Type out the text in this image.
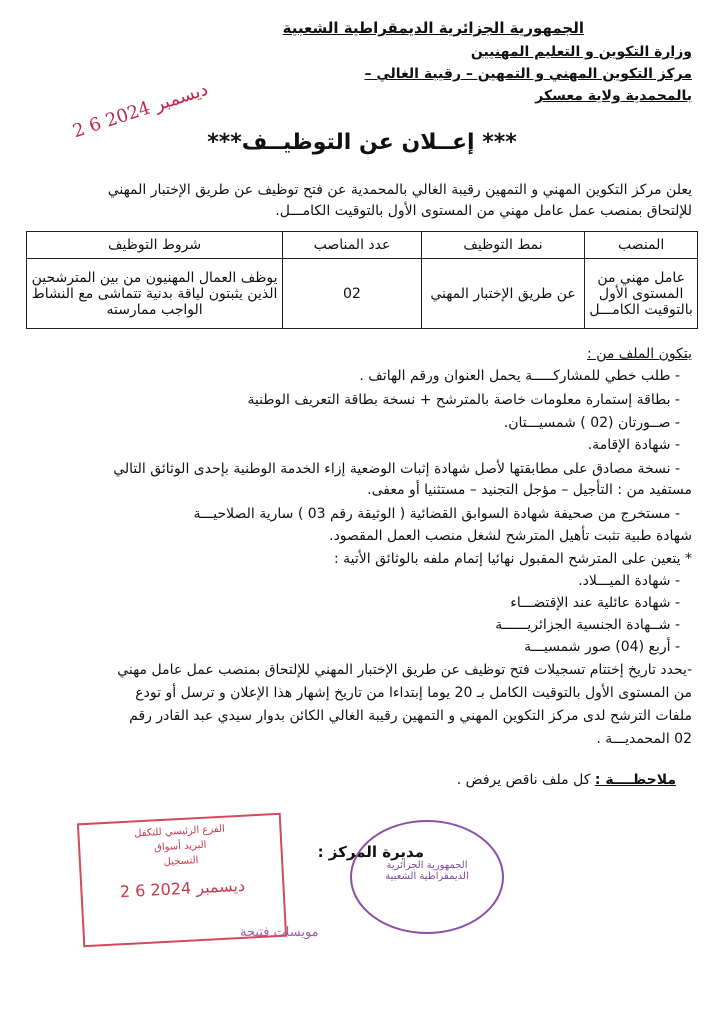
الجمهورية الجزائرية الديمقراطية الشعبية
وزارة التكوين و التعليم المهنيين
مركز التكوين المهني و التمهين – رقيبة الغالي –
بالمحمدية ولاية معسكر
2 6 ديسمبر 2024
*** إعــلان عن التوظيــف***
يعلن مركز التكوين المهني و التمهين رقيبة الغالي بالمحمدية عن فتح توظيف عن طريق الإختبار المهني
للإلتحاق بمنصب عمل عامل مهني من المستوى الأول بالتوقيت الكامـــل.
المنصب	نمط التوظيف	عدد المناصب	شروط التوظيف
عامل مهني من المستوى الأول بالتوقيت الكامـــل	عن طريق الإختبار المهني	02	يوظف العمال المهنيون من بين المترشحين الذين يثبتون لياقة بدنية تتماشى مع النشاط الواجب ممارسته
يتكون الملف من :
- طلب خطي للمشاركـــــة يحمل العنوان ورقم الهاتف .
- بطاقة إستمارة معلومات خاصة بالمترشح + نسخة بطاقة التعريف الوطنية
- صــورتان (02 ) شمسيـــتان.
- شهادة الإقامة.
- نسخة مصادق على مطابقتها لأصل شهادة إثبات الوضعية إزاء الخدمة الوطنية بإحدى الوثائق التالي
مستفيد من : التأجيل – مؤجل التجنيد – مستثنيا أو معفى.
- مستخرج من صحيفة شهادة السوابق القضائية ( الوثيقة رقم 03 ) سارية الصلاحيـــة
شهادة طبية تثبت تأهيل المترشح لشغل منصب العمل المقصود.
* يتعين على المترشح المقبول نهائيا إتمام ملفه بالوثائق الأتية :
- شهادة الميـــلاد.
- شهادة عائلية عند الإقتضـــاء
- شــهادة الجنسية الجزائريــــــة
- أربع (04) صور شمسيـــة
-يحدد تاريخ إختتام تسجيلات فتح توظيف عن طريق الإختبار المهني للإلتحاق بمنصب عمل عامل مهني
من المستوى الأول بالتوقيت الكامل بـ 20 يوما إبتداءا من تاريخ إشهار هذا الإعلان و ترسل أو تودع
ملفات الترشح لدى مركز التكوين المهني و التمهين رقيبة الغالي الكائن بدوار سيدي عبد القادر رقم
02 المحمديـــة .
ملاحظــــة : كل ملف ناقص يرفض .
مديرة المركز :
الفرع الرئيسي للتكفل
البريد أسواق
التسجيل
2 6 ديسمبر 2024
الجمهورية الجزائرية الديمقراطية الشعبية
مويسات فتيحة
